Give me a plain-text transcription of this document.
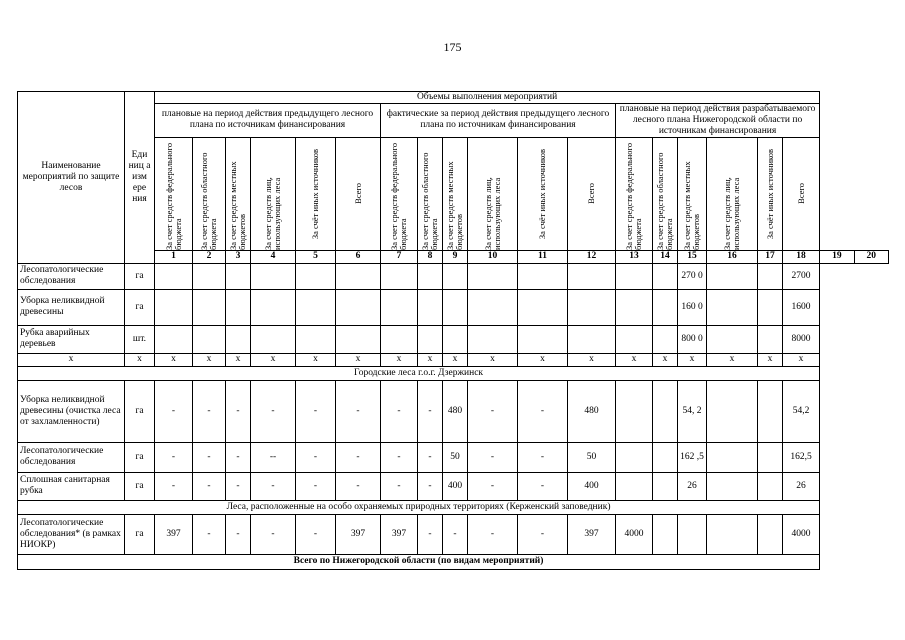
175
Наименование мероприятий по защите лесов	Еди ниц а изм ере ния	Объемы выполнения мероприятий																			
		плановые на период действия предыдущего лесного плана по источникам финансирования						фактические за период действия предыдущего лесного плана по источникам финансирования						плановые на период действия разрабатываемого лесного плана Нижегородской области по источникам финансирования							

		За счет средств федерального бюджета	За счет средств областного бюджета	За счет средств местных бюджетов	За счет средств лиц, использующих леса	За счёт иных источников	Всего	За счет средств федерального бюджета	За счет средств областного бюджета	За счет средств местных бюджетов	За счет средств лиц, использующих леса	За счёт иных источников	Всего	За счет средств федерального бюджета	За счет средств областного бюджета	За счет средств местных бюджетов	За счет средств лиц, использующих леса	За счёт иных источников	Всего		

		1	2	3	4	5	6	7	8	9	10	11	12	13	14	15	16	17	18	19	20
Лесопатологические обследования	га															270 0			2700		
Уборка неликвидной древесины	га															160 0			1600		
Рубка аварийных деревьев	шт.															800 0			8000		
х	х	х	х	х	х	х	х	х	х	х	х	х	х	х	х	х	х	х	х		
Городские леса г.о.г. Дзержинск																					
Уборка неликвидной древесины (очистка леса от захламленности)	га	-	-	-	-	-	-	-	-	480	-	-	480			54, 2			54,2		
Лесопатологические обследования	га	-	-	-	--	-	-	-	-	50	-	-	50			162 ,5			162,5		
Сплошная санитарная рубка	га	-	-	-	-	-	-	-	-	400	-	-	400			26			26		
Леса, расположенные на особо охраняемых природных территориях (Керженский заповедник)																					
Лесопатологические обследования* (в рамках НИОКР)	га	397	-	-	-	-	397	397	-	-	-	-	397	4000					4000		
Всего по Нижегородской области (по видам мероприятий)																					
